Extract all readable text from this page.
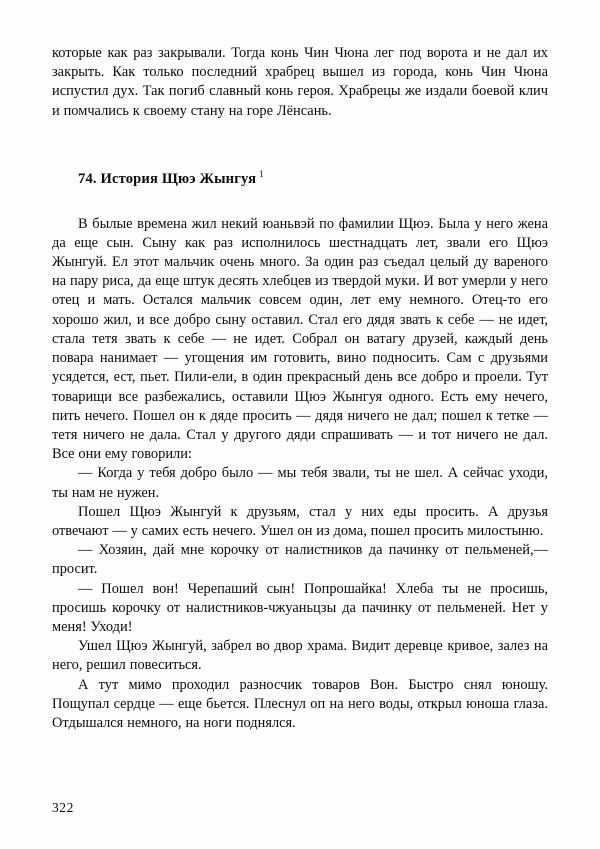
которые как раз закрывали. Тогда конь Чин Чюна лег под ворота и не дал их закрыть. Как только последний храбрец вышел из города, конь Чин Чюна испустил дух. Так погиб славный конь героя. Храбрецы же издали боевой клич и помчались к своему стану на горе Лёнсань.

74. История Щюэ Жынгуя $^1$

В былые времена жил некий юаньвэй по фамилии Щюэ. Была у него жена да еще сын. Сыну как раз исполнилось шестнадцать лет, звали его Щюэ Жынгуй. Ел этот мальчик очень много. За один раз съедал целый ду вареного на пару риса, да еще штук десять хлебцев из твердой муки. И вот умерли у него отец и мать. Остался мальчик совсем один, лет ему немного. Отец-то его хорошо жил, и все добро сыну оставил. Стал его дядя звать к себе — не идет, стала тетя звать к себе — не идет. Собрал он ватагу друзей, каждый день повара нанимает — угощения им готовить, вино подносить. Сам с друзьями усядется, ест, пьет. Пили-ели, в один прекрасный день все добро и проели. Тут товарищи все разбежались, оставили Щюэ Жынгуя одного. Есть ему нечего, пить нечего. Пошел он к дяде просить — дядя ничего не дал; пошел к тетке — тетя ничего не дала. Стал у другого дяди спрашивать — и тот ничего не дал. Все они ему говорили:

— Когда у тебя добро было — мы тебя звали, ты не шел. А сейчас уходи, ты нам не нужен.

Пошел Щюэ Жынгуй к друзьям, стал у них еды просить. А друзья отвечают — у самих есть нечего. Ушел он из дома, пошел просить милостыню.

— Хозяин, дай мне корочку от налистников да пачинку от пельменей,— просит.

— Пошел вон! Черепаший сын! Попрошайка! Хлеба ты не просишь, просишь корочку от налистников-чжуаньцзы да пачинку от пельменей. Нет у меня! Уходи!

Ушел Щюэ Жынгуй, забрел во двор храма. Видит деревце кривое, залез на него, решил повеситься.

А тут мимо проходил разносчик товаров Вон. Быстро снял юношу. Пощупал сердце — еще бьется. Плеснул оп на него воды, открыл юноша глаза. Отдышался немного, на ноги поднялся.

322
